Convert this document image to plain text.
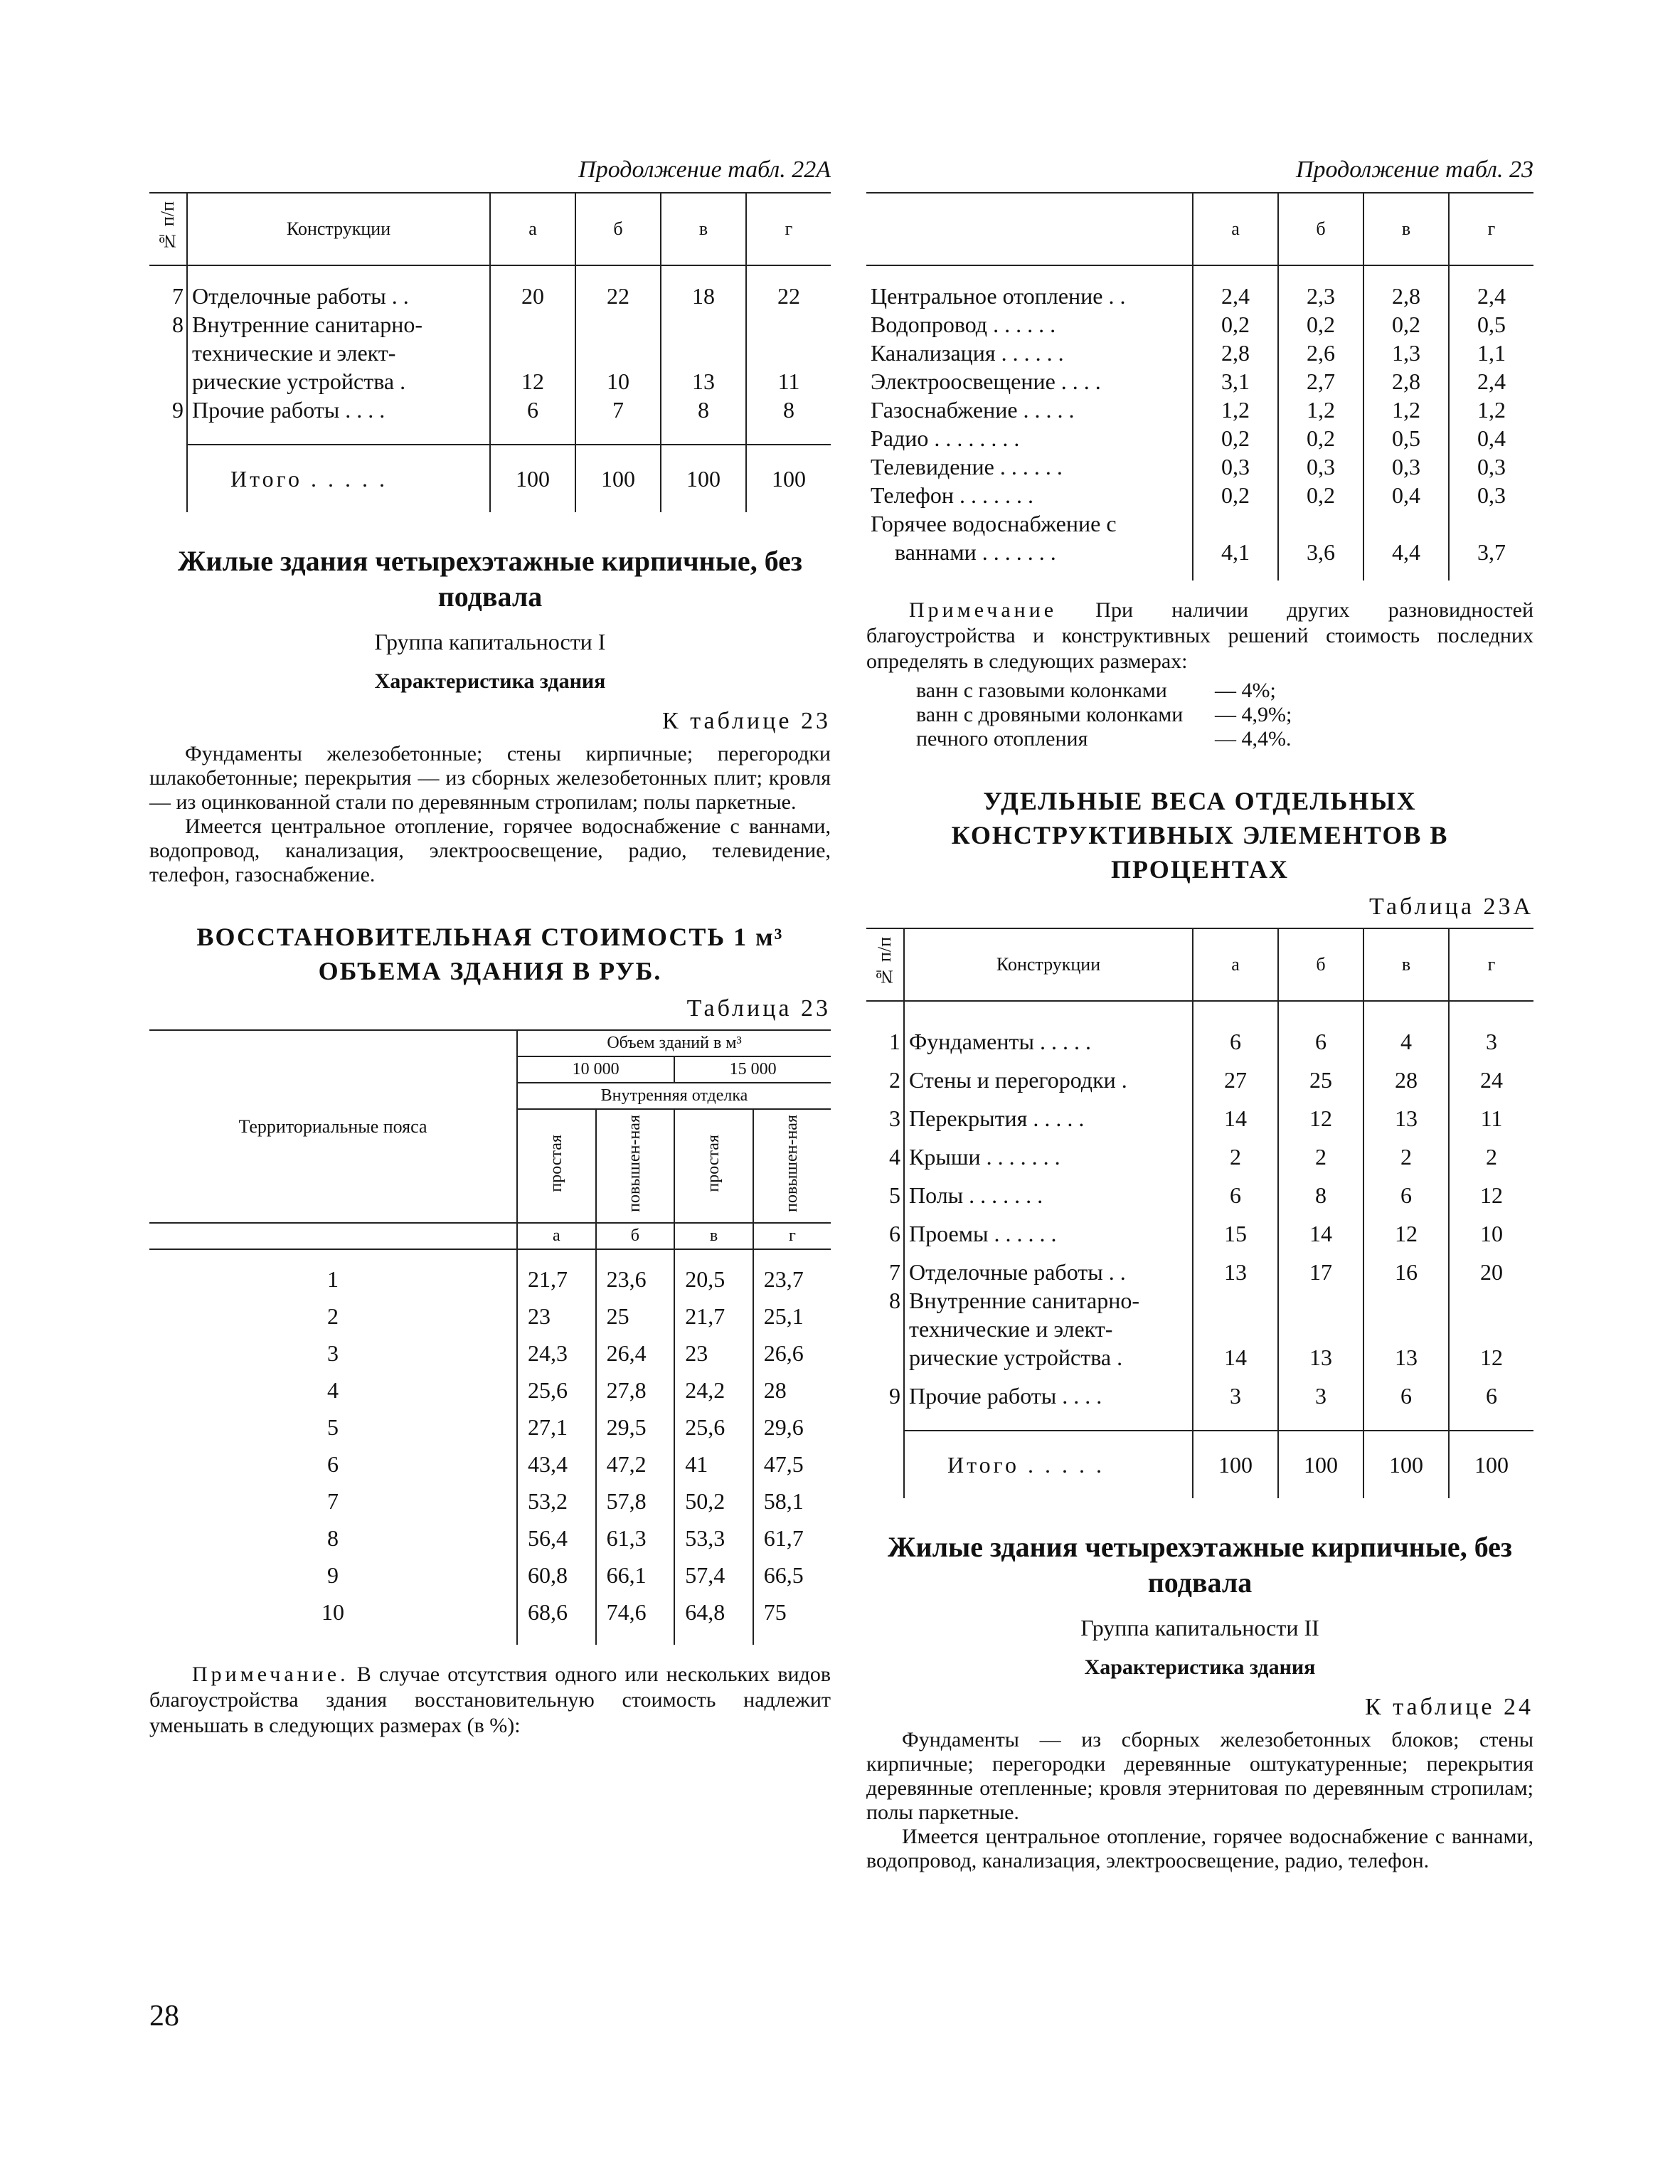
Продолжение табл. 22А
№ п/п	Конструкции	а	б	в	г

7	Отделочные работы . .	20	22	18	22
8	Внутренние санитарно-				
	технические и элект-				
	рические устройства .	12	10	13	11
9	Прочие работы . . . .	6	7	8	8

	Итого . . . . .	100	100	100	100
Жилые здания четырехэтажные кирпичные, без подвала
Группа капитальности I
Характеристика здания
К таблице 23

Фундаменты железобетонные; стены кирпичные; перегородки шлакобетонные; перекрытия — из сборных железобетонных плит; кровля — из оцинкованной стали по деревянным стропилам; полы паркетные.

Имеется центральное отопление, горячее водоснабжение с ваннами, водопровод, канализация, электроосвещение, радио, телевидение, телефон, газоснабжение.

ВОССТАНОВИТЕЛЬНАЯ СТОИМОСТЬ 1 м³ ОБЪЕМА ЗДАНИЯ В РУБ.
Таблица 23
Территориальные пояса	Объем зданий в м³			
	10 000		15 000	
	Внутренняя отделка			
	простая	повышен-ная	простая	повышен-ная
	а	б	в	г

1	21,7	23,6	20,5	23,7
2	23	25	21,7	25,1
3	24,3	26,4	23	26,6
4	25,6	27,8	24,2	28
5	27,1	29,5	25,6	29,6
6	43,4	47,2	41	47,5
7	53,2	57,8	50,2	58,1
8	56,4	61,3	53,3	61,7
9	60,8	66,1	57,4	66,5
10	68,6	74,6	64,8	75

Примечание. В случае отсутствия одного или нескольких видов благоустройства здания восстановительную стоимость надлежит уменьшать в следующих размерах (в %):

Продолжение табл. 23
	а	б	в	г

Центральное отопление . .	2,4	2,3	2,8	2,4
Водопровод . . . . . .	0,2	0,2	0,2	0,5
Канализация . . . . . .	2,8	2,6	1,3	1,1
Электроосвещение . . . .	3,1	2,7	2,8	2,4
Газоснабжение . . . . .	1,2	1,2	1,2	1,2
Радио . . . . . . . .	0,2	0,2	0,5	0,4
Телевидение . . . . . .	0,3	0,3	0,3	0,3
Телефон . . . . . . .	0,2	0,2	0,4	0,3
Горячее водоснабжение с				
ваннами . . . . . . .	4,1	3,6	4,4	3,7

Примечание При наличии других разновидностей благоустройства и конструктивных решений стоимость последних определять в следующих размерах:

ванн с газовыми колонками — 4%;
ванн с дровяными колонками — 4,9%;
печного отопления	— 4,4%.
УДЕЛЬНЫЕ ВЕСА ОТДЕЛЬНЫХ КОНСТРУКТИВНЫХ ЭЛЕМЕНТОВ В ПРОЦЕНТАХ
Таблица 23А
№ п/п	Конструкции	а	б	в	г

1	Фундаменты . . . . .	6	6	4	3
2	Стены и перегородки .	27	25	28	24
3	Перекрытия . . . . .	14	12	13	11
4	Крыши . . . . . . .	2	2	2	2
5	Полы . . . . . . .	6	8	6	12
6	Проемы . . . . . .	15	14	12	10
7	Отделочные работы . .	13	17	16	20
8	Внутренние санитарно-				
	технические и элект-				
	рические устройства .	14	13	13	12
9	Прочие работы . . . .	3	3	6	6

	Итого . . . . .	100	100	100	100
Жилые здания четырехэтажные кирпичные, без подвала
Группа капитальности II
Характеристика здания
К таблице 24

Фундаменты — из сборных железобетонных блоков; стены кирпичные; перегородки деревянные оштукатуренные; перекрытия деревянные отепленные; кровля этернитовая по деревянным стропилам; полы паркетные.

Имеется центральное отопление, горячее водоснабжение с ваннами, водопровод, канализация, электроосвещение, радио, телефон.

28
